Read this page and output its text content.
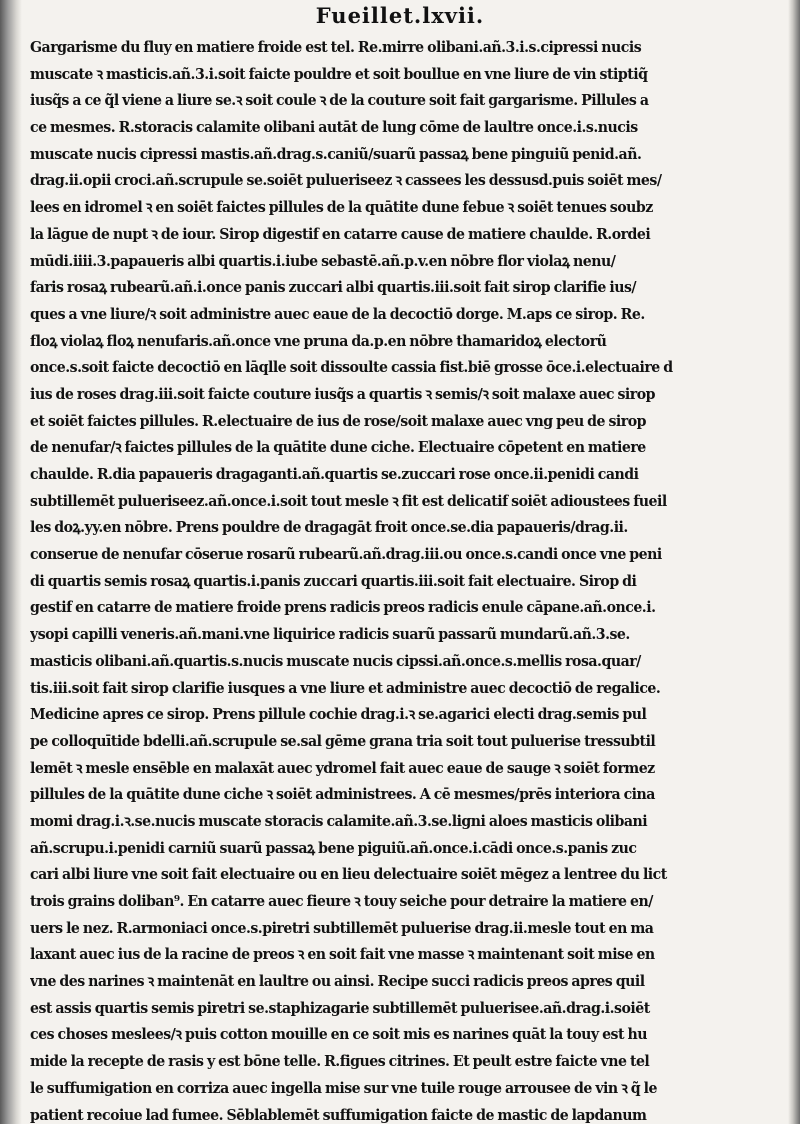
Fueillet.lxvii.
Gargarisme du fluy en matiere froide est tel. Re.mirre olibani.añ.3.i.s.cipressi nucis
muscate ꝛ masticis.añ.3.i.soit faicte pouldre et soit boullue en vne liure de vin stiptiq̃
iusq̃s a ce q̃l viene a liure se.ꝛ soit coule ꝛ de la couture soit fait gargarisme. Pillules a
ce mesmes. R.storacis calamite olibani autāt de lung cōme de laultre once.i.s.nucis
muscate nucis cipressi mastis.añ.drag.s.caniũ/suarũ passaꝝ bene pinguiũ penid.añ.
drag.ii.opii croci.añ.scrupule se.soiēt pulueriseez ꝛ cassees les dessusd.puis soiēt mes/
lees en idromel ꝛ en soiēt faictes pillules de la quātite dune febue ꝛ soiēt tenues soubz
la lāgue de nupt ꝛ de iour. Sirop digestif en catarre cause de matiere chaulde. R.ordei
mūdi.iiii.3.papaueris albi quartis.i.iube sebastē.añ.p.v.en nōbre flor violaꝝ nenu/
faris rosaꝝ rubearũ.añ.i.once panis zuccari albi quartis.iii.soit fait sirop clarifie ius/
ques a vne liure/ꝛ soit administre auec eaue de la decoctiō dorge. M.aps ce sirop. Re.
floꝝ violaꝝ floꝝ nenufaris.añ.once vne pruna da.p.en nōbre thamaridoꝝ electorũ
once.s.soit faicte decoctiō en lāqlle soit dissoulte cassia fist.biē grosse ōce.i.electuaire d
ius de roses drag.iii.soit faicte couture iusq̃s a quartis ꝛ semis/ꝛ soit malaxe auec sirop
et soiēt faictes pillules. R.electuaire de ius de rose/soit malaxe auec vng peu de sirop
de nenufar/ꝛ faictes pillules de la quātite dune ciche. Electuaire cōpetent en matiere
chaulde. R.dia papaueris dragaganti.añ.quartis se.zuccari rose once.ii.penidi candi
subtillemēt pulueriseez.añ.once.i.soit tout mesle ꝛ fit est delicatif soiēt adioustees fueil
les doꝝ.yy.en nōbre. Prens pouldre de dragagāt froit once.se.dia papaueris/drag.ii.
conserue de nenufar cōserue rosarũ rubearũ.añ.drag.iii.ou once.s.candi once vne peni
di quartis semis rosaꝝ quartis.i.panis zuccari quartis.iii.soit fait electuaire. Sirop di
gestif en catarre de matiere froide prens radicis preos radicis enule cāpane.añ.once.i.
ysopi capilli veneris.añ.mani.vne liquirice radicis suarũ passarũ mundarũ.añ.3.se.
masticis olibani.añ.quartis.s.nucis muscate nucis cipssi.añ.once.s.mellis rosa.quar/
tis.iii.soit fait sirop clarifie iusques a vne liure et administre auec decoctiō de regalice.
Medicine apres ce sirop. Prens pillule cochie drag.i.ꝛ se.agarici electi drag.semis pul
pe colloquītide bdelli.añ.scrupule se.sal gēme grana tria soit tout puluerise tressubtil
lemēt ꝛ mesle ensēble en malaxāt auec ydromel fait auec eaue de sauge ꝛ soiēt formez
pillules de la quātite dune ciche ꝛ soiēt administrees. A cē mesmes/prēs interiora cina
momi drag.i.ꝛ.se.nucis muscate storacis calamite.añ.3.se.ligni aloes masticis olibani
añ.scrupu.i.penidi carniũ suarũ passaꝝ bene piguiũ.añ.once.i.cādi once.s.panis zuc
cari albi liure vne soit fait electuaire ou en lieu delectuaire soiēt mēgez a lentree du lict
trois grains doliban⁹. En catarre auec fieure ꝛ touy seiche pour detraire la matiere en/
uers le nez. R.armoniaci once.s.piretri subtillemēt puluerise drag.ii.mesle tout en ma
laxant auec ius de la racine de preos ꝛ en soit fait vne masse ꝛ maintenant soit mise en
vne des narines ꝛ maintenāt en laultre ou ainsi. Recipe succi radicis preos apres quil
est assis quartis semis piretri se.staphizagarie subtillemēt puluerisee.añ.drag.i.soiēt
ces choses meslees/ꝛ puis cotton mouille en ce soit mis es narines quāt la touy est hu
mide la recepte de rasis y est bōne telle. R.figues citrines. Et peult estre faicte vne tel
le suffumigation en corriza auec ingella mise sur vne tuile rouge arrousee de vin ꝛ q̃ le
patient recoiue lad fumee. Sēblablemēt suffumigation faicte de mastic de lapdanum
